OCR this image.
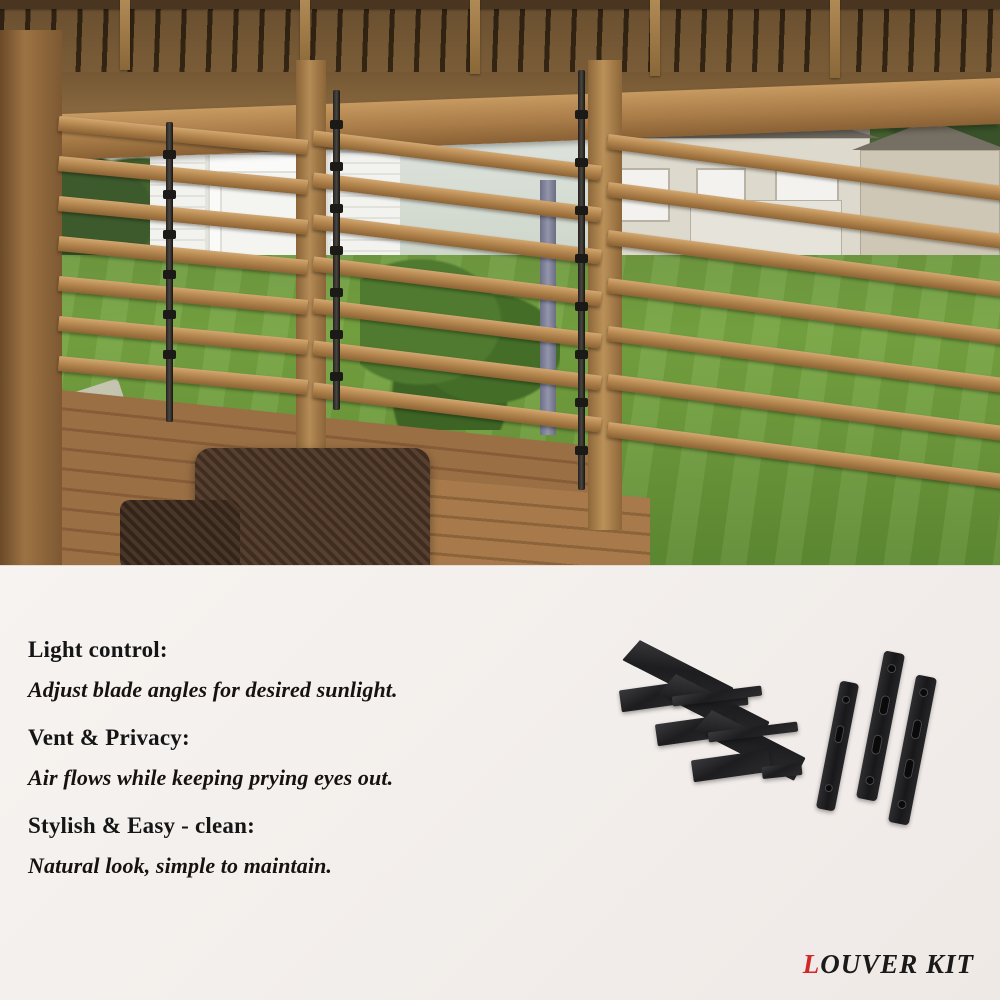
Light control:

Adjust blade angles for desired sunlight.

Vent & Privacy:

Air flows while keeping prying eyes out.

Stylish & Easy - clean:

Natural look, simple to maintain.

LOUVER KIT
